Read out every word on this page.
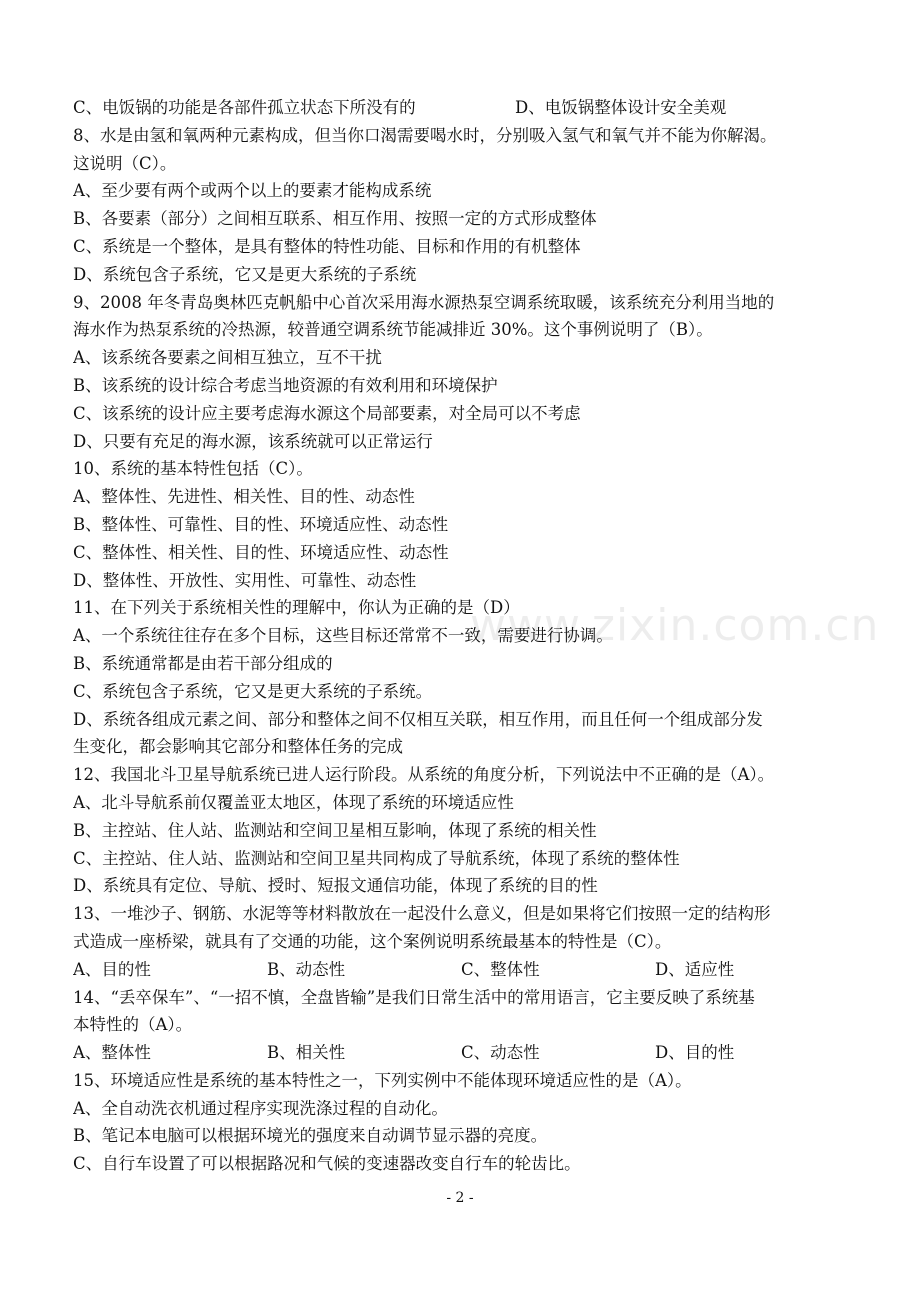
www.zixin.com.cn
C、电饭锅的功能是各部件孤立状态下所没有的	D、电饭锅整体设计安全美观
8、水是由氢和氧两种元素构成，但当你口渴需要喝水时，分别吸入氢气和氧气并不能为你解渴。
这说明（C）。
A、至少要有两个或两个以上的要素才能构成系统
B、各要素（部分）之间相互联系、相互作用、按照一定的方式形成整体
C、系统是一个整体，是具有整体的特性功能、目标和作用的有机整体
D、系统包含子系统，它又是更大系统的子系统
9、2008 年冬青岛奥林匹克帆船中心首次采用海水源热泵空调系统取暖，该系统充分利用当地的
海水作为热泵系统的冷热源，较普通空调系统节能减排近 30%。这个事例说明了（B）。
A、该系统各要素之间相互独立，互不干扰
B、该系统的设计综合考虑当地资源的有效利用和环境保护
C、该系统的设计应主要考虑海水源这个局部要素，对全局可以不考虑
D、只要有充足的海水源，该系统就可以正常运行
10、系统的基本特性包括（C）。
A、整体性、先进性、相关性、目的性、动态性
B、整体性、可靠性、目的性、环境适应性、动态性
C、整体性、相关性、目的性、环境适应性、动态性
D、整体性、开放性、实用性、可靠性、动态性
11、在下列关于系统相关性的理解中，你认为正确的是（D）
A、一个系统往往存在多个目标，这些目标还常常不一致，需要进行协调。
B、系统通常都是由若干部分组成的
C、系统包含子系统，它又是更大系统的子系统。
D、系统各组成元素之间、部分和整体之间不仅相互关联，相互作用，而且任何一个组成部分发
生变化，都会影响其它部分和整体任务的完成
12、我国北斗卫星导航系统已进人运行阶段。从系统的角度分析，下列说法中不正确的是（A）。
A、北斗导航系前仅覆盖亚太地区，体现了系统的环境适应性
B、主控站、住人站、监测站和空间卫星相互影响，体现了系统的相关性
C、主控站、住人站、监测站和空间卫星共同构成了导航系统，体现了系统的整体性
D、系统具有定位、导航、授时、短报文通信功能，体现了系统的目的性
13、一堆沙子、钢筋、水泥等等材料散放在一起没什么意义，但是如果将它们按照一定的结构形
式造成一座桥梁，就具有了交通的功能，这个案例说明系统最基本的特性是（C）。
A、目的性	B、动态性	C、整体性	D、适应性
14、“丢卒保车”、“一招不慎，全盘皆输”是我们日常生活中的常用语言，它主要反映了系统基
本特性的（A）。
A、整体性	B、相关性	C、动态性	D、目的性
15、环境适应性是系统的基本特性之一，下列实例中不能体现环境适应性的是（A）。
A、全自动洗衣机通过程序实现洗涤过程的自动化。
B、笔记本电脑可以根据环境光的强度来自动调节显示器的亮度。
C、自行车设置了可以根据路况和气候的变速器改变自行车的轮齿比。
- 2 -
